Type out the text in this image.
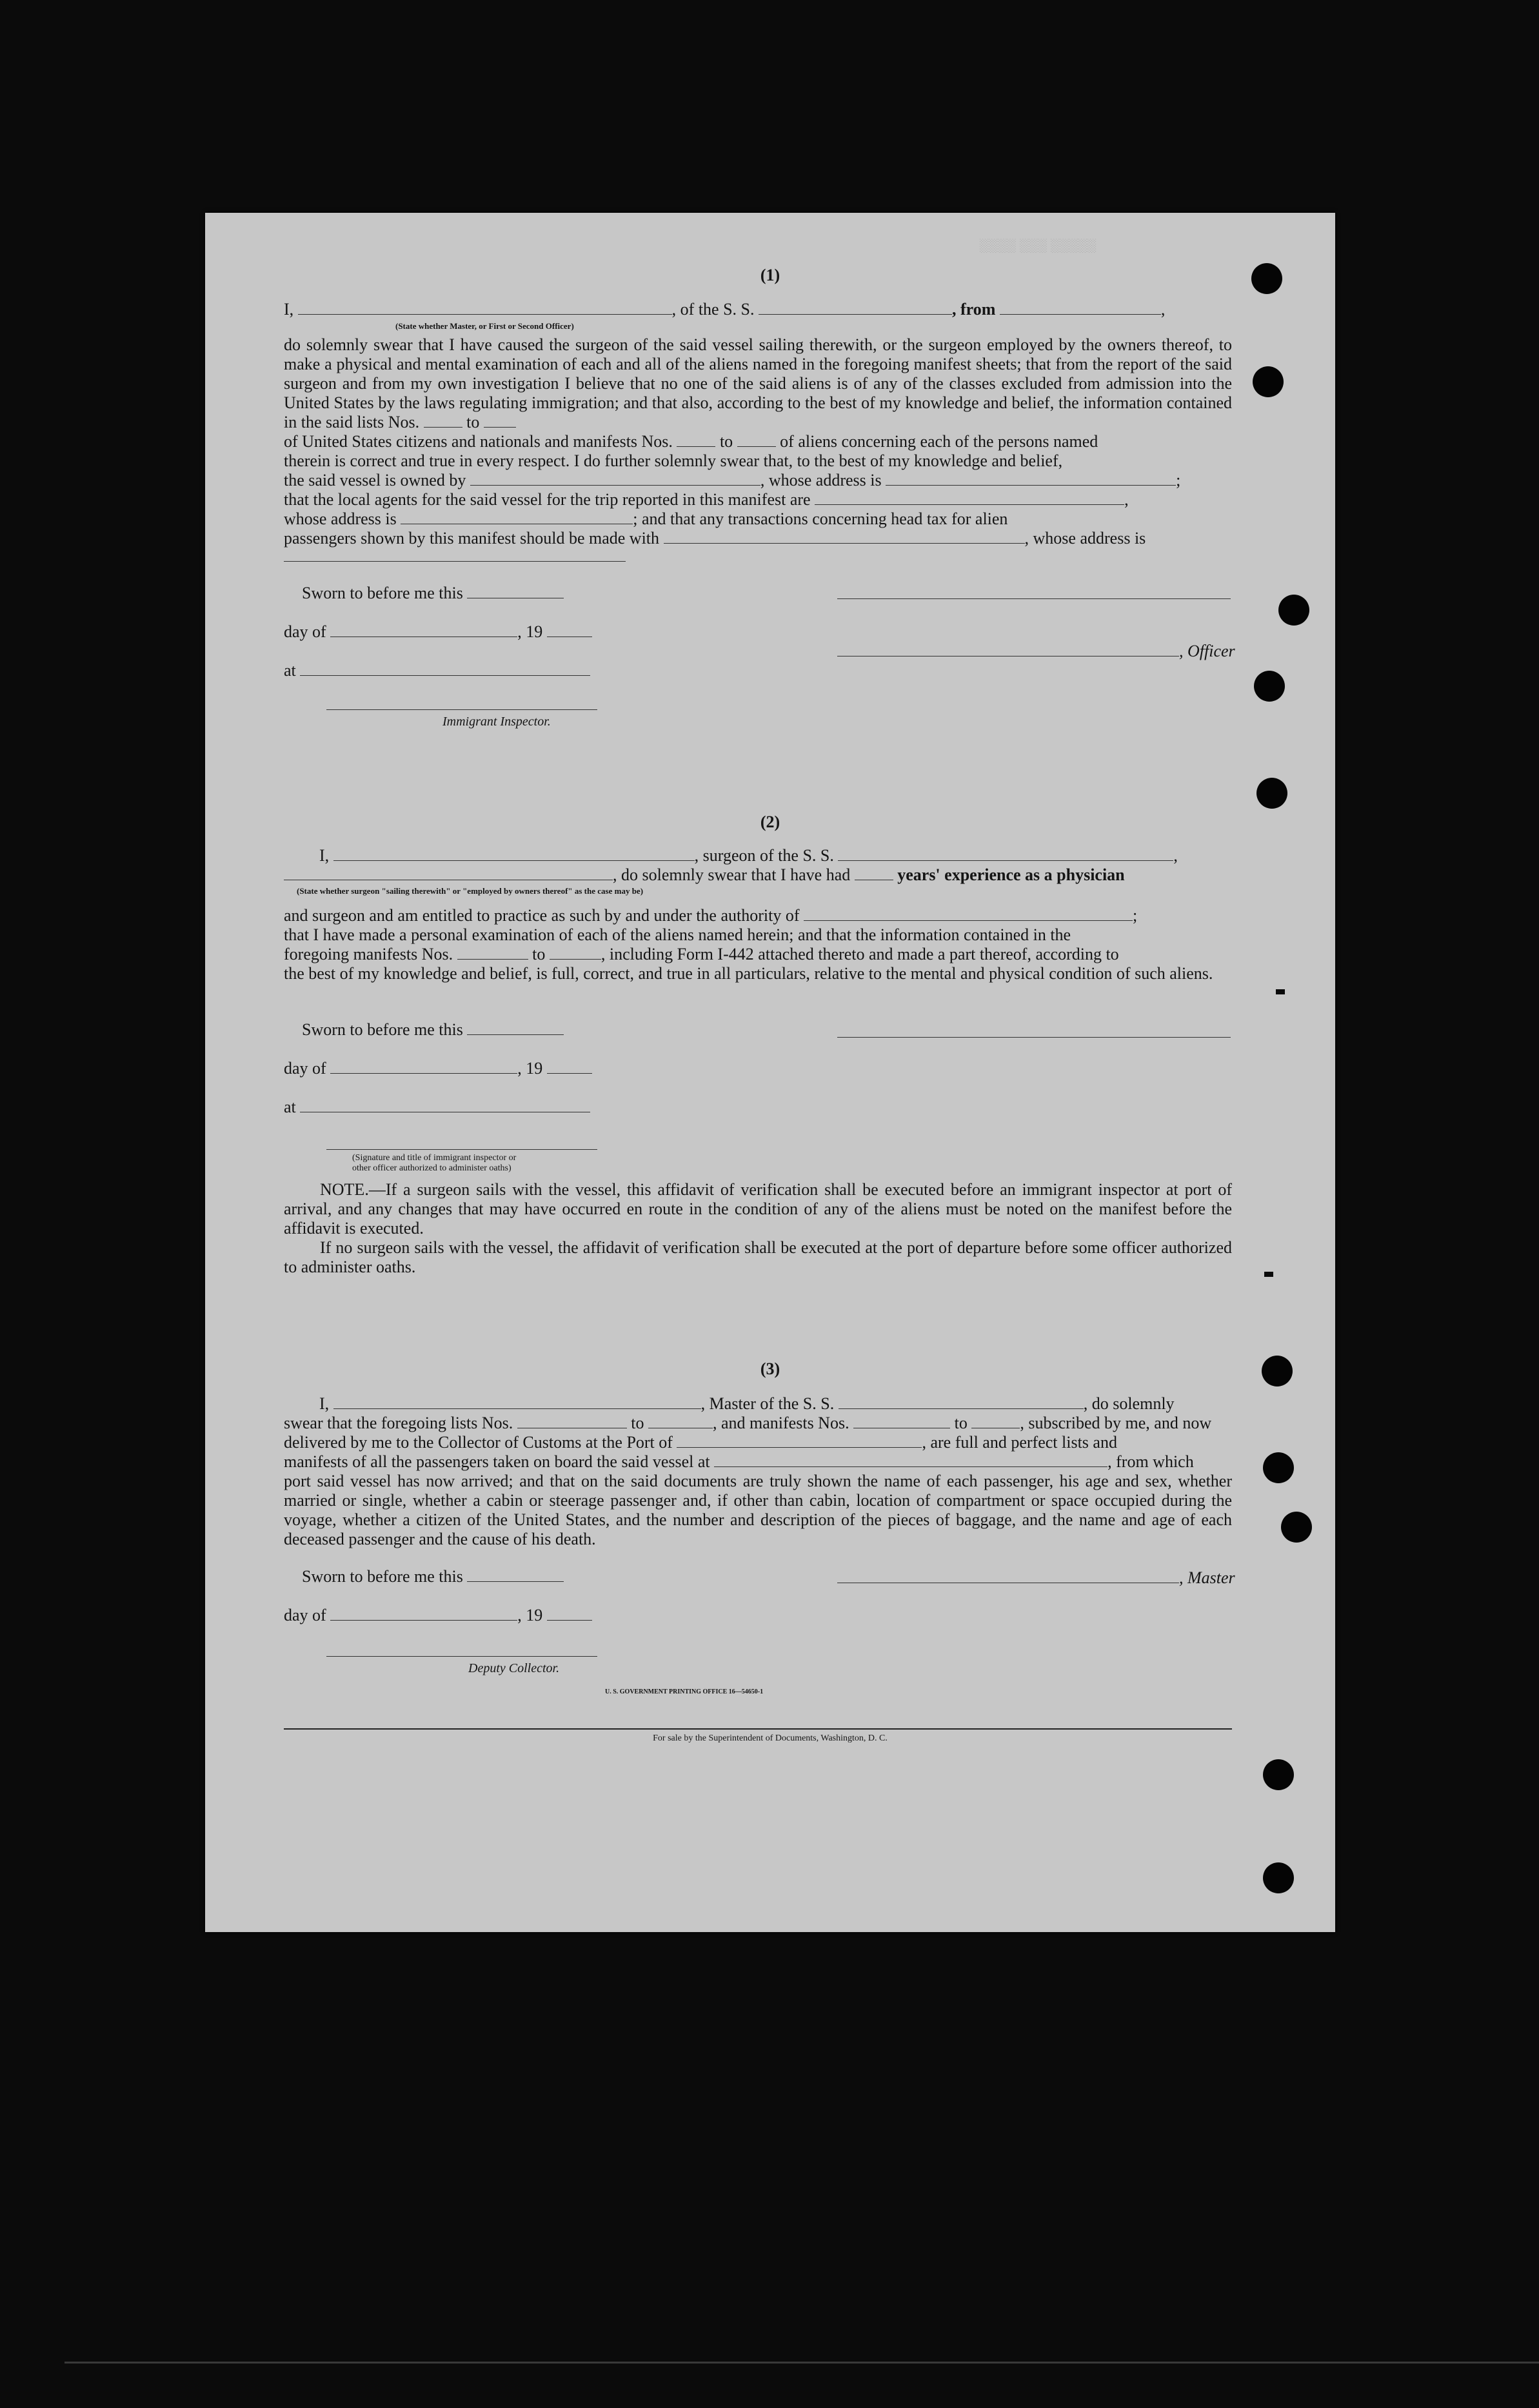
░░░░ ░░░ ░░░░░
(1)
I,	, of the S. S.	, from	,
(State whether Master, or First or Second Officer)
do solemnly swear that I have caused the surgeon of the said vessel sailing therewith, or the surgeon employed by the owners thereof, to make a physical and mental examination of each and all of the aliens named in the foregoing manifest sheets; that from the report of the said surgeon and from my own investigation I believe that no one of the said aliens is of any of the classes excluded from admission into the United States by the laws regulating immigration; and that also, according to the best of my knowledge and belief, the information contained in the said lists Nos.	to
of United States citizens and nationals and manifests Nos.	to	of aliens concerning each of the persons named
therein is correct and true in every respect. I do further solemnly swear that, to the best of my knowledge and belief,
the said vessel is owned by	, whose address is	;
that the local agents for the said vessel for the trip reported in this manifest are	,
whose address is	; and that any transactions concerning head tax for alien
passengers shown by this manifest should be made with	, whose address is
Sworn to before me this
day of	, 19
, Officer
at
Immigrant Inspector.
(2)
I,	, surgeon of the S. S.	,
, do solemnly swear that I have had	years' experience as a physician
(State whether surgeon "sailing therewith" or "employed by owners thereof" as the case may be)
and surgeon and am entitled to practice as such by and under the authority of	;
that I have made a personal examination of each of the aliens named herein; and that the information contained in the
foregoing manifests Nos.	to	, including Form I-442 attached thereto and made a part thereof, according to
the best of my knowledge and belief, is full, correct, and true in all particulars, relative to the mental and physical condition of such aliens.
Sworn to before me this
day of	, 19
at
(Signature and title of immigrant inspector or
other officer authorized to administer oaths)
NOTE.—If a surgeon sails with the vessel, this affidavit of verification shall be executed before an immigrant inspector at port of arrival, and any changes that may have occurred en route in the condition of any of the aliens must be noted on the manifest before the affidavit is executed.
If no surgeon sails with the vessel, the affidavit of verification shall be executed at the port of departure before some officer authorized to administer oaths.
(3)
I,	, Master of the S. S.	, do solemnly
swear that the foregoing lists Nos.	to	, and manifests Nos.	to	, subscribed by me, and now
delivered by me to the Collector of Customs at the Port of	, are full and perfect lists and
manifests of all the passengers taken on board the said vessel at	, from which
port said vessel has now arrived; and that on the said documents are truly shown the name of each passenger, his age and sex, whether married or single, whether a cabin or steerage passenger and, if other than cabin, location of compartment or space occupied during the voyage, whether a citizen of the United States, and the number and description of the pieces of baggage, and the name and age of each deceased passenger and the cause of his death.
Sworn to before me this	, Master
day of	, 19
Deputy Collector.
U. S. GOVERNMENT PRINTING OFFICE 16—54650-1
For sale by the Superintendent of Documents, Washington, D. C.
